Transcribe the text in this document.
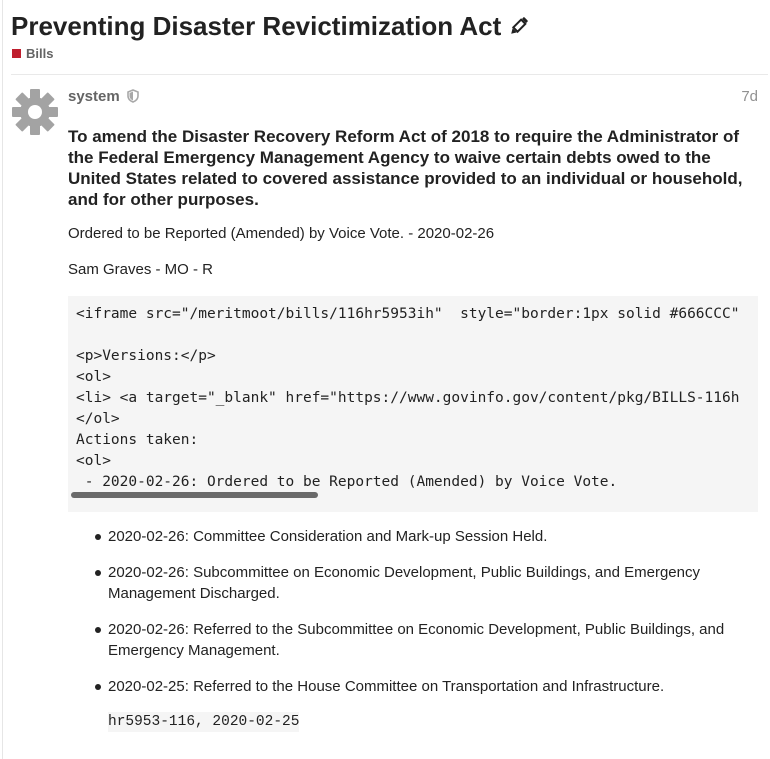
Preventing Disaster Revictimization Act
Bills
system	7d

To amend the Disaster Recovery Reform Act of 2018 to require the Administrator of the Federal Emergency Management Agency to waive certain debts owed to the United States related to covered assistance provided to an individual or household, and for other purposes.

Ordered to be Reported (Amended) by Voice Vote. - 2020-02-26

Sam Graves - MO - R

<iframe src="/meritmoot/bills/116hr5953ih"  style="border:1px solid #666CCC"

<p>Versions:</p>
<ol>
<li> <a target="_blank" href="https://www.govinfo.gov/content/pkg/BILLS-116h
</ol>
Actions taken:
<ol>
- 2020-02-26: Ordered to be Reported (Amended) by Voice Vote.
2020-02-26: Committee Consideration and Mark-up Session Held.
2020-02-26: Subcommittee on Economic Development, Public Buildings, and Emergency Management Discharged.
2020-02-26: Referred to the Subcommittee on Economic Development, Public Buildings, and Emergency Management.
2020-02-25: Referred to the House Committee on Transportation and Infrastructure.
hr5953-116, 2020-02-25
